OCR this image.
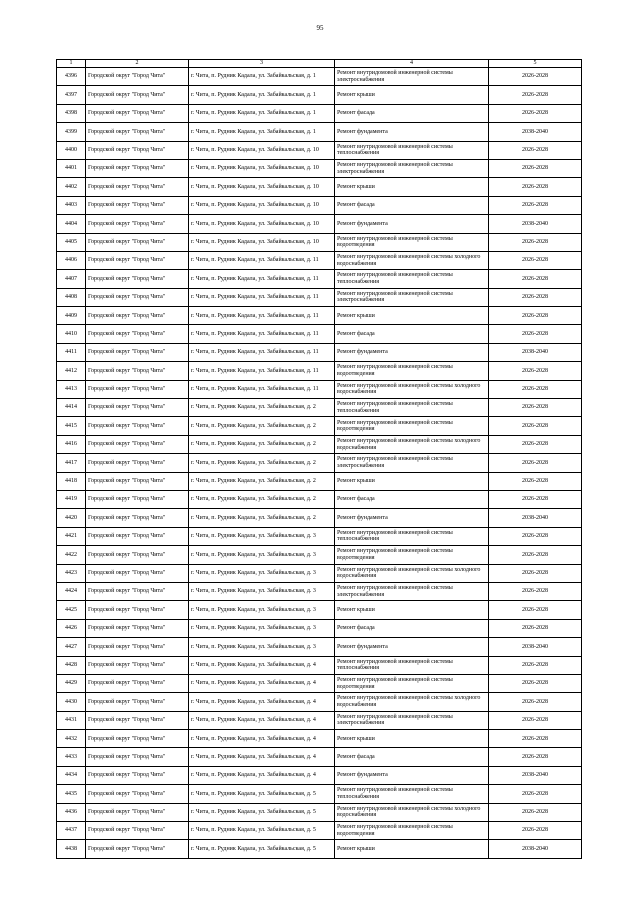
95
1	2	3	4	5
4396	Городской округ "Город Чита"	г. Чита, п. Рудник Кадала, ул. Забайкальская, д. 1	Ремонт внутридомовой инженерной системы электроснабжения	2026-2028
4397	Городской округ "Город Чита"	г. Чита, п. Рудник Кадала, ул. Забайкальская, д. 1	Ремонт крыши	2026-2028
4398	Городской округ "Город Чита"	г. Чита, п. Рудник Кадала, ул. Забайкальская, д. 1	Ремонт фасада	2026-2028
4399	Городской округ "Город Чита"	г. Чита, п. Рудник Кадала, ул. Забайкальская, д. 1	Ремонт фундамента	2038-2040
4400	Городской округ "Город Чита"	г. Чита, п. Рудник Кадала, ул. Забайкальская, д. 10	Ремонт внутридомовой инженерной системы теплоснабжения	2026-2028
4401	Городской округ "Город Чита"	г. Чита, п. Рудник Кадала, ул. Забайкальская, д. 10	Ремонт внутридомовой инженерной системы электроснабжения	2026-2028
4402	Городской округ "Город Чита"	г. Чита, п. Рудник Кадала, ул. Забайкальская, д. 10	Ремонт крыши	2026-2028
4403	Городской округ "Город Чита"	г. Чита, п. Рудник Кадала, ул. Забайкальская, д. 10	Ремонт фасада	2026-2028
4404	Городской округ "Город Чита"	г. Чита, п. Рудник Кадала, ул. Забайкальская, д. 10	Ремонт фундамента	2038-2040
4405	Городской округ "Город Чита"	г. Чита, п. Рудник Кадала, ул. Забайкальская, д. 10	Ремонт внутридомовой инженерной системы водоотведения	2026-2028
4406	Городской округ "Город Чита"	г. Чита, п. Рудник Кадала, ул. Забайкальская, д. 11	Ремонт внутридомовой инженерной системы холодного водоснабжения	2026-2028
4407	Городской округ "Город Чита"	г. Чита, п. Рудник Кадала, ул. Забайкальская, д. 11	Ремонт внутридомовой инженерной системы теплоснабжения	2026-2028
4408	Городской округ "Город Чита"	г. Чита, п. Рудник Кадала, ул. Забайкальская, д. 11	Ремонт внутридомовой инженерной системы электроснабжения	2026-2028
4409	Городской округ "Город Чита"	г. Чита, п. Рудник Кадала, ул. Забайкальская, д. 11	Ремонт крыши	2026-2028
4410	Городской округ "Город Чита"	г. Чита, п. Рудник Кадала, ул. Забайкальская, д. 11	Ремонт фасада	2026-2028
4411	Городской округ "Город Чита"	г. Чита, п. Рудник Кадала, ул. Забайкальская, д. 11	Ремонт фундамента	2038-2040
4412	Городской округ "Город Чита"	г. Чита, п. Рудник Кадала, ул. Забайкальская, д. 11	Ремонт внутридомовой инженерной системы водоотведения	2026-2028
4413	Городской округ "Город Чита"	г. Чита, п. Рудник Кадала, ул. Забайкальская, д. 11	Ремонт внутридомовой инженерной системы холодного водоснабжения	2026-2028
4414	Городской округ "Город Чита"	г. Чита, п. Рудник Кадала, ул. Забайкальская, д. 2	Ремонт внутридомовой инженерной системы теплоснабжения	2026-2028
4415	Городской округ "Город Чита"	г. Чита, п. Рудник Кадала, ул. Забайкальская, д. 2	Ремонт внутридомовой инженерной системы водоотведения	2026-2028
4416	Городской округ "Город Чита"	г. Чита, п. Рудник Кадала, ул. Забайкальская, д. 2	Ремонт внутридомовой инженерной системы холодного водоснабжения	2026-2028
4417	Городской округ "Город Чита"	г. Чита, п. Рудник Кадала, ул. Забайкальская, д. 2	Ремонт внутридомовой инженерной системы электроснабжения	2026-2028
4418	Городской округ "Город Чита"	г. Чита, п. Рудник Кадала, ул. Забайкальская, д. 2	Ремонт крыши	2026-2028
4419	Городской округ "Город Чита"	г. Чита, п. Рудник Кадала, ул. Забайкальская, д. 2	Ремонт фасада	2026-2028
4420	Городской округ "Город Чита"	г. Чита, п. Рудник Кадала, ул. Забайкальская, д. 2	Ремонт фундамента	2038-2040
4421	Городской округ "Город Чита"	г. Чита, п. Рудник Кадала, ул. Забайкальская, д. 3	Ремонт внутридомовой инженерной системы теплоснабжения	2026-2028
4422	Городской округ "Город Чита"	г. Чита, п. Рудник Кадала, ул. Забайкальская, д. 3	Ремонт внутридомовой инженерной системы водоотведения	2026-2028
4423	Городской округ "Город Чита"	г. Чита, п. Рудник Кадала, ул. Забайкальская, д. 3	Ремонт внутридомовой инженерной системы холодного водоснабжения	2026-2028
4424	Городской округ "Город Чита"	г. Чита, п. Рудник Кадала, ул. Забайкальская, д. 3	Ремонт внутридомовой инженерной системы электроснабжения	2026-2028
4425	Городской округ "Город Чита"	г. Чита, п. Рудник Кадала, ул. Забайкальская, д. 3	Ремонт крыши	2026-2028
4426	Городской округ "Город Чита"	г. Чита, п. Рудник Кадала, ул. Забайкальская, д. 3	Ремонт фасада	2026-2028
4427	Городской округ "Город Чита"	г. Чита, п. Рудник Кадала, ул. Забайкальская, д. 3	Ремонт фундамента	2038-2040
4428	Городской округ "Город Чита"	г. Чита, п. Рудник Кадала, ул. Забайкальская, д. 4	Ремонт внутридомовой инженерной системы теплоснабжения	2026-2028
4429	Городской округ "Город Чита"	г. Чита, п. Рудник Кадала, ул. Забайкальская, д. 4	Ремонт внутридомовой инженерной системы водоотведения	2026-2028
4430	Городской округ "Город Чита"	г. Чита, п. Рудник Кадала, ул. Забайкальская, д. 4	Ремонт внутридомовой инженерной системы холодного водоснабжения	2026-2028
4431	Городской округ "Город Чита"	г. Чита, п. Рудник Кадала, ул. Забайкальская, д. 4	Ремонт внутридомовой инженерной системы электроснабжения	2026-2028
4432	Городской округ "Город Чита"	г. Чита, п. Рудник Кадала, ул. Забайкальская, д. 4	Ремонт крыши	2026-2028
4433	Городской округ "Город Чита"	г. Чита, п. Рудник Кадала, ул. Забайкальская, д. 4	Ремонт фасада	2026-2028
4434	Городской округ "Город Чита"	г. Чита, п. Рудник Кадала, ул. Забайкальская, д. 4	Ремонт фундамента	2038-2040
4435	Городской округ "Город Чита"	г. Чита, п. Рудник Кадала, ул. Забайкальская, д. 5	Ремонт внутридомовой инженерной системы теплоснабжения	2026-2028
4436	Городской округ "Город Чита"	г. Чита, п. Рудник Кадала, ул. Забайкальская, д. 5	Ремонт внутридомовой инженерной системы холодного водоснабжения	2026-2028
4437	Городской округ "Город Чита"	г. Чита, п. Рудник Кадала, ул. Забайкальская, д. 5	Ремонт внутридомовой инженерной системы водоотведения	2026-2028
4438	Городской округ "Город Чита"	г. Чита, п. Рудник Кадала, ул. Забайкальская, д. 5	Ремонт крыши	2038-2040
